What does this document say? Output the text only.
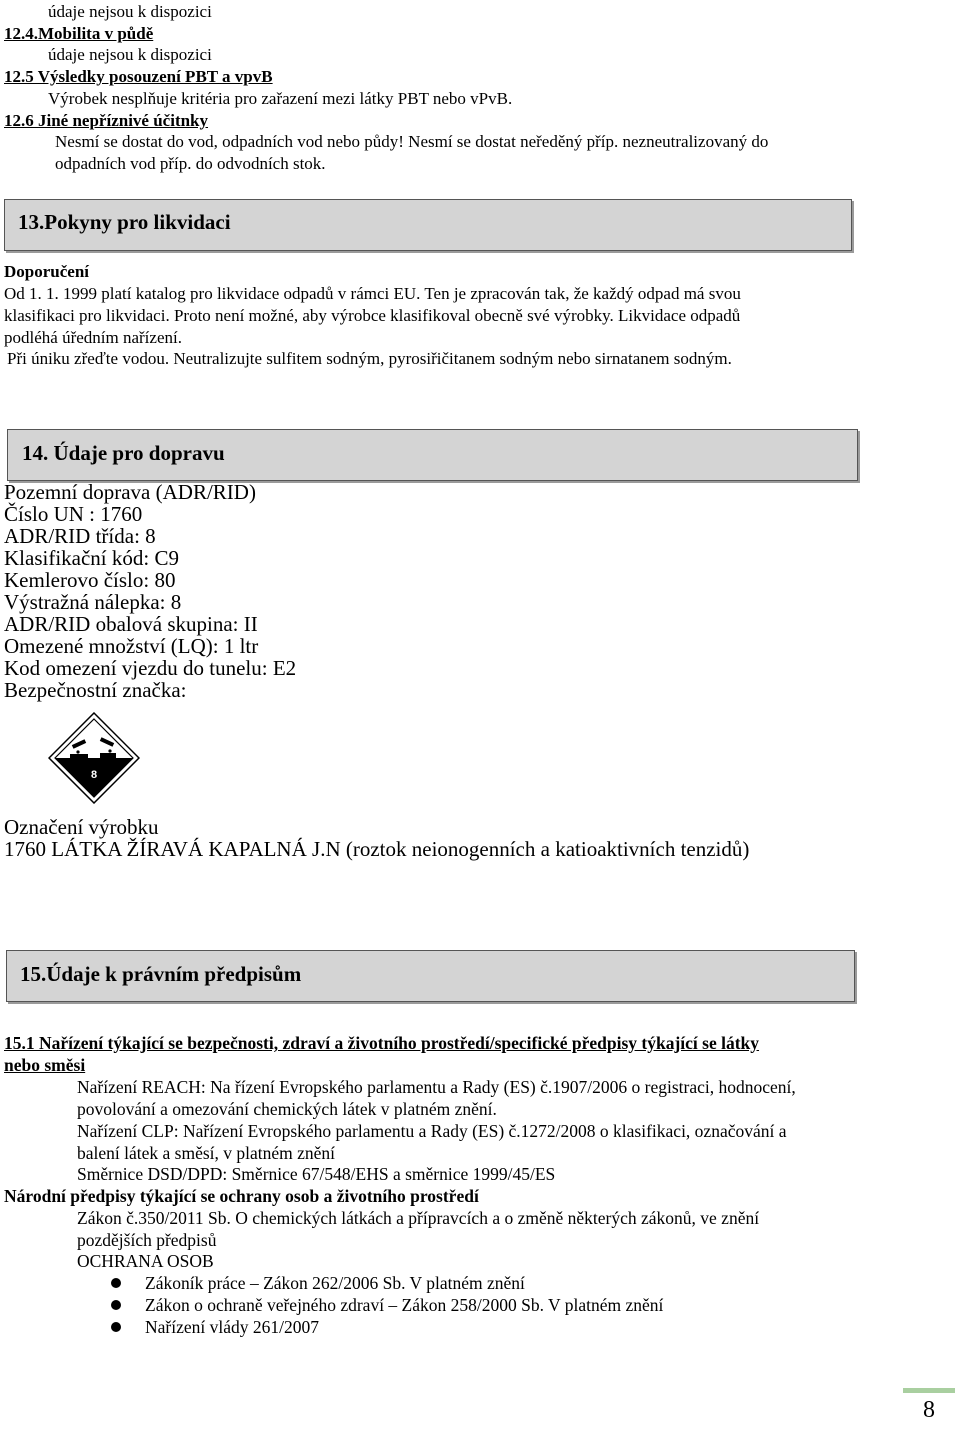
údaje nejsou k dispozici
12.4.Mobilita v půdě
údaje nejsou k dispozici
12.5 Výsledky posouzení PBT a vpvB
Výrobek nesplňuje kritéria pro zařazení mezi látky PBT nebo vPvB.
12.6 Jiné nepříznivé účitnky
Nesmí se dostat do vod, odpadních vod nebo půdy! Nesmí se dostat neředěný příp. nezneutralizovaný do
odpadních vod příp. do odvodních stok.
13.Pokyny pro likvidaci
Doporučení
Od 1. 1. 1999 platí katalog pro likvidace odpadů v rámci EU. Ten je zpracován tak, že každý odpad má svou
klasifikaci pro likvidaci. Proto není možné, aby výrobce klasifikoval obecně své výrobky. Likvidace odpadů
podléhá úředním nařízení.
Při úniku zřeďte vodou. Neutralizujte sulfitem sodným, pyrosiřičitanem sodným nebo sirnatanem sodným.
14. Údaje pro dopravu
Pozemní doprava (ADR/RID)
Číslo UN : 1760
ADR/RID třída: 8
Klasifikační kód: C9
Kemlerovo číslo: 80
Výstražná nálepka: 8
ADR/RID obalová skupina: II
Omezené množství (LQ): 1 ltr
Kod omezení vjezdu do tunelu: E2
Bezpečnostní značka:
8
Označení výrobku
1760 LÁTKA ŽÍRAVÁ KAPALNÁ J.N (roztok neionogenních a katioaktivních tenzidů)
15.Údaje k právním předpisům
15.1 Nařízení týkající se bezpečnosti, zdraví a životního prostředí/specifické předpisy týkající se látky
nebo směsi
Nařízení REACH: Na řízení Evropského parlamentu a Rady (ES) č.1907/2006 o registraci, hodnocení,
povolování a omezování chemických látek v platném znění.
Nařízení CLP: Nařízení Evropského parlamentu a Rady (ES) č.1272/2008 o klasifikaci, označování a
balení látek a směsí, v platném znění
Směrnice DSD/DPD: Směrnice 67/548/EHS a směrnice 1999/45/ES
Národní předpisy týkající se ochrany osob a životního prostředí
Zákon č.350/2011 Sb. O chemických látkách a přípravcích a o změně některých zákonů, ve znění
pozdějších předpisů
OCHRANA OSOB
Zákoník práce – Zákon 262/2006 Sb. V platném znění
Zákon o ochraně veřejného zdraví – Zákon 258/2000 Sb. V platném znění
Nařízení vlády 261/2007
8
